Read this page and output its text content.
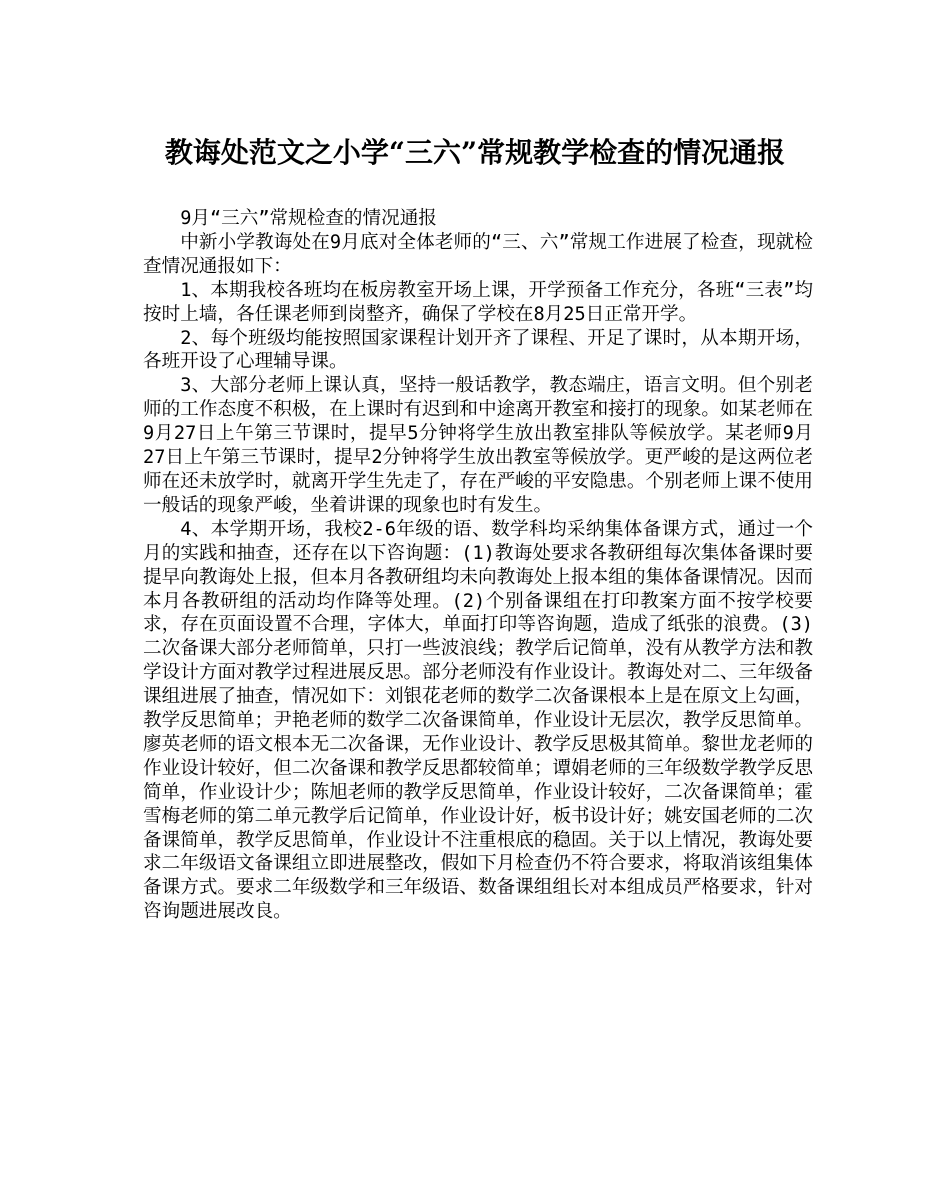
教诲处范文之小学“三六”常规教学检查的情况通报

9月“三六”常规检查的情况通报

中新小学教诲处在9月底对全体老师的“三、六”常规工作进展了检查，现就检查情况通报如下：

1、本期我校各班均在板房教室开场上课，开学预备工作充分，各班“三表”均按时上墙，各任课老师到岗整齐，确保了学校在8月25日正常开学。

2、每个班级均能按照国家课程计划开齐了课程、开足了课时，从本期开场，各班开设了心理辅导课。

3、大部分老师上课认真，坚持一般话教学，教态端庄，语言文明。但个别老师的工作态度不积极，在上课时有迟到和中途离开教室和接打的现象。如某老师在9月27日上午第三节课时，提早5分钟将学生放出教室排队等候放学。某老师9月27日上午第三节课时，提早2分钟将学生放出教室等候放学。更严峻的是这两位老师在还未放学时，就离开学生先走了，存在严峻的平安隐患。个别老师上课不使用一般话的现象严峻，坐着讲课的现象也时有发生。

4、本学期开场，我校2-6年级的语、数学科均采纳集体备课方式，通过一个月的实践和抽查，还存在以下咨询题：(1)教诲处要求各教研组每次集体备课时要提早向教诲处上报，但本月各教研组均未向教诲处上报本组的集体备课情况。因而本月各教研组的活动均作降等处理。(2)个别备课组在打印教案方面不按学校要求，存在页面设置不合理，字体大，单面打印等咨询题，造成了纸张的浪费。(3)二次备课大部分老师简单，只打一些波浪线；教学后记简单，没有从教学方法和教学设计方面对教学过程进展反思。部分老师没有作业设计。教诲处对二、三年级备课组进展了抽查，情况如下：刘银花老师的数学二次备课根本上是在原文上勾画，教学反思简单；尹艳老师的数学二次备课简单，作业设计无层次，教学反思简单。廖英老师的语文根本无二次备课，无作业设计、教学反思极其简单。黎世龙老师的作业设计较好，但二次备课和教学反思都较简单；谭娟老师的三年级数学教学反思简单，作业设计少；陈旭老师的教学反思简单，作业设计较好，二次备课简单；霍雪梅老师的第二单元教学后记简单，作业设计好，板书设计好；姚安国老师的二次备课简单，教学反思简单，作业设计不注重根底的稳固。关于以上情况，教诲处要求二年级语文备课组立即进展整改，假如下月检查仍不符合要求，将取消该组集体备课方式。要求二年级数学和三年级语、数备课组组长对本组成员严格要求，针对咨询题进展改良。
